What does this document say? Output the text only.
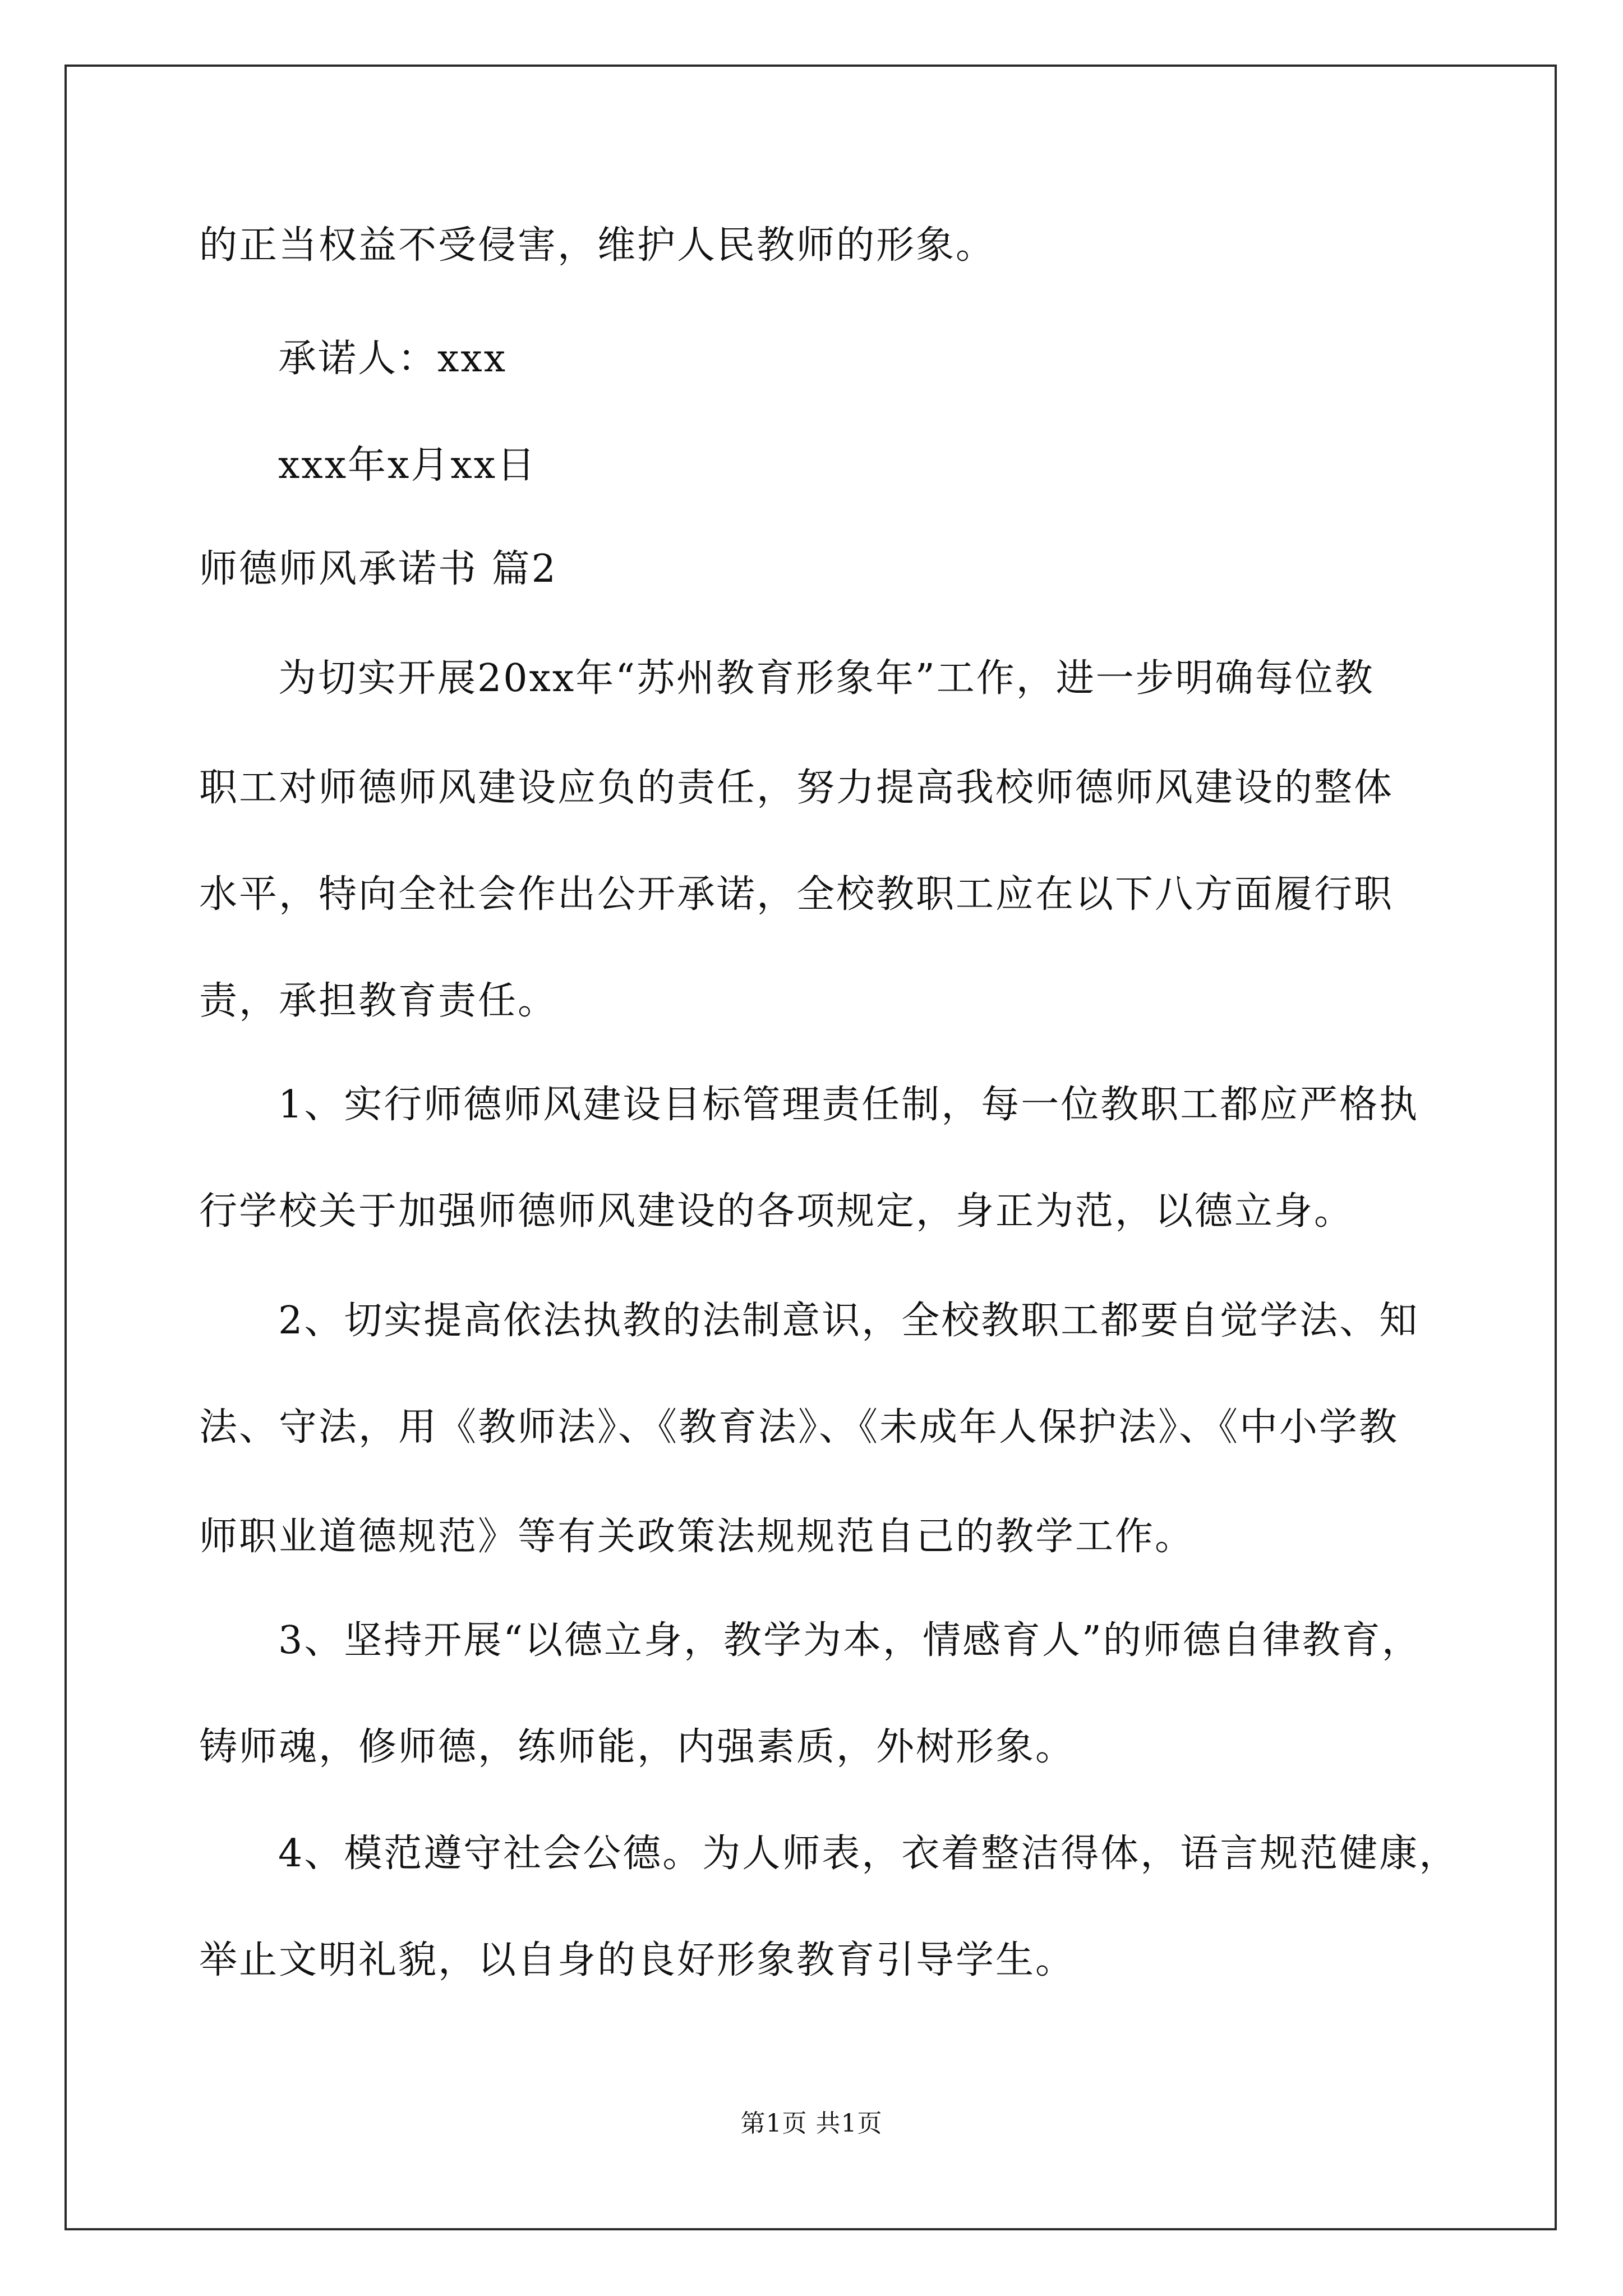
的正当权益不受侵害，维护人民教师的形象。
承诺人：xxx
xxx年x月xx日
师德师风承诺书 篇2
为切实开展20xx年“苏州教育形象年”工作，进一步明确每位教
职工对师德师风建设应负的责任，努力提高我校师德师风建设的整体
水平，特向全社会作出公开承诺，全校教职工应在以下八方面履行职
责，承担教育责任。
1、实行师德师风建设目标管理责任制，每一位教职工都应严格执
行学校关于加强师德师风建设的各项规定，身正为范，以德立身。
2、切实提高依法执教的法制意识，全校教职工都要自觉学法、知
法、守法，用《教师法》、《教育法》、《未成年人保护法》、《中小学教
师职业道德规范》等有关政策法规规范自己的教学工作。
3、坚持开展“以德立身，教学为本，情感育人”的师德自律教育，
铸师魂，修师德，练师能，内强素质，外树形象。
4、模范遵守社会公德。为人师表，衣着整洁得体，语言规范健康，
举止文明礼貌，以自身的良好形象教育引导学生。
第1页 共1页
